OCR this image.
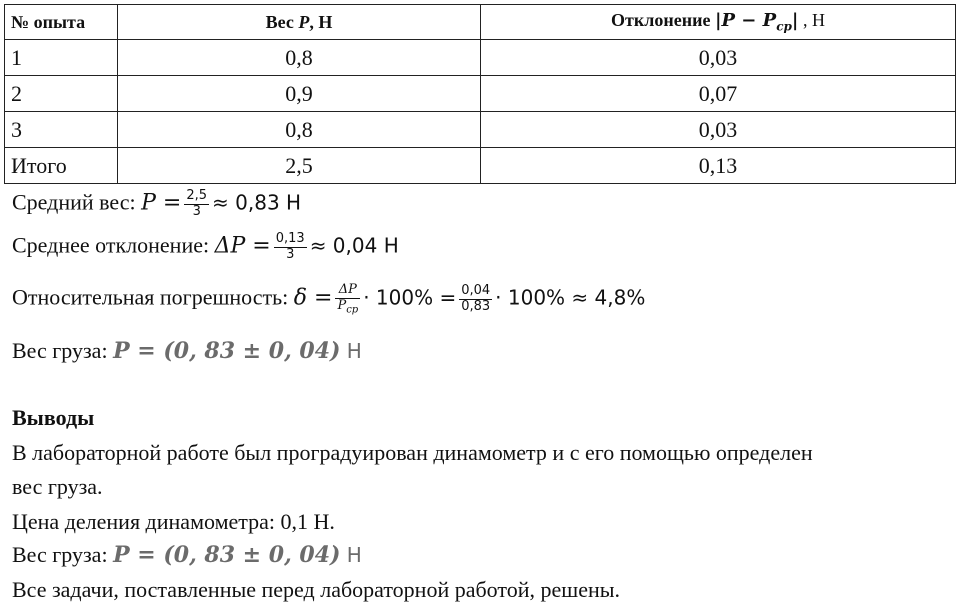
№ опыта	Вес P, Н	Отклонение $|P - P_{ср}|$ , Н
1	0,8	0,03
2	0,9	0,07
3	0,8	0,03
Итого	2,5	0,13
Средний вес: $P = \frac{2,5}{3} \approx 0,83$ Н
Среднее отклонение: $\Delta P = \frac{0,13}{3} \approx 0,04$ Н
Относительная погрешность: $\delta = \frac{\Delta P}{P_{cp}} \cdot 100\% = \frac{0,04}{0,83} \cdot 100\% \approx 4,8\%$
Вес груза: P = (0, 83 ± 0, 04) Н
Выводы
В лабораторной работе был проградуирован динамометр и с его помощью определен
вес груза.
Цена деления динамометра: 0,1 Н.
Вес груза: P = (0, 83 ± 0, 04) Н
Все задачи, поставленные перед лабораторной работой, решены.
